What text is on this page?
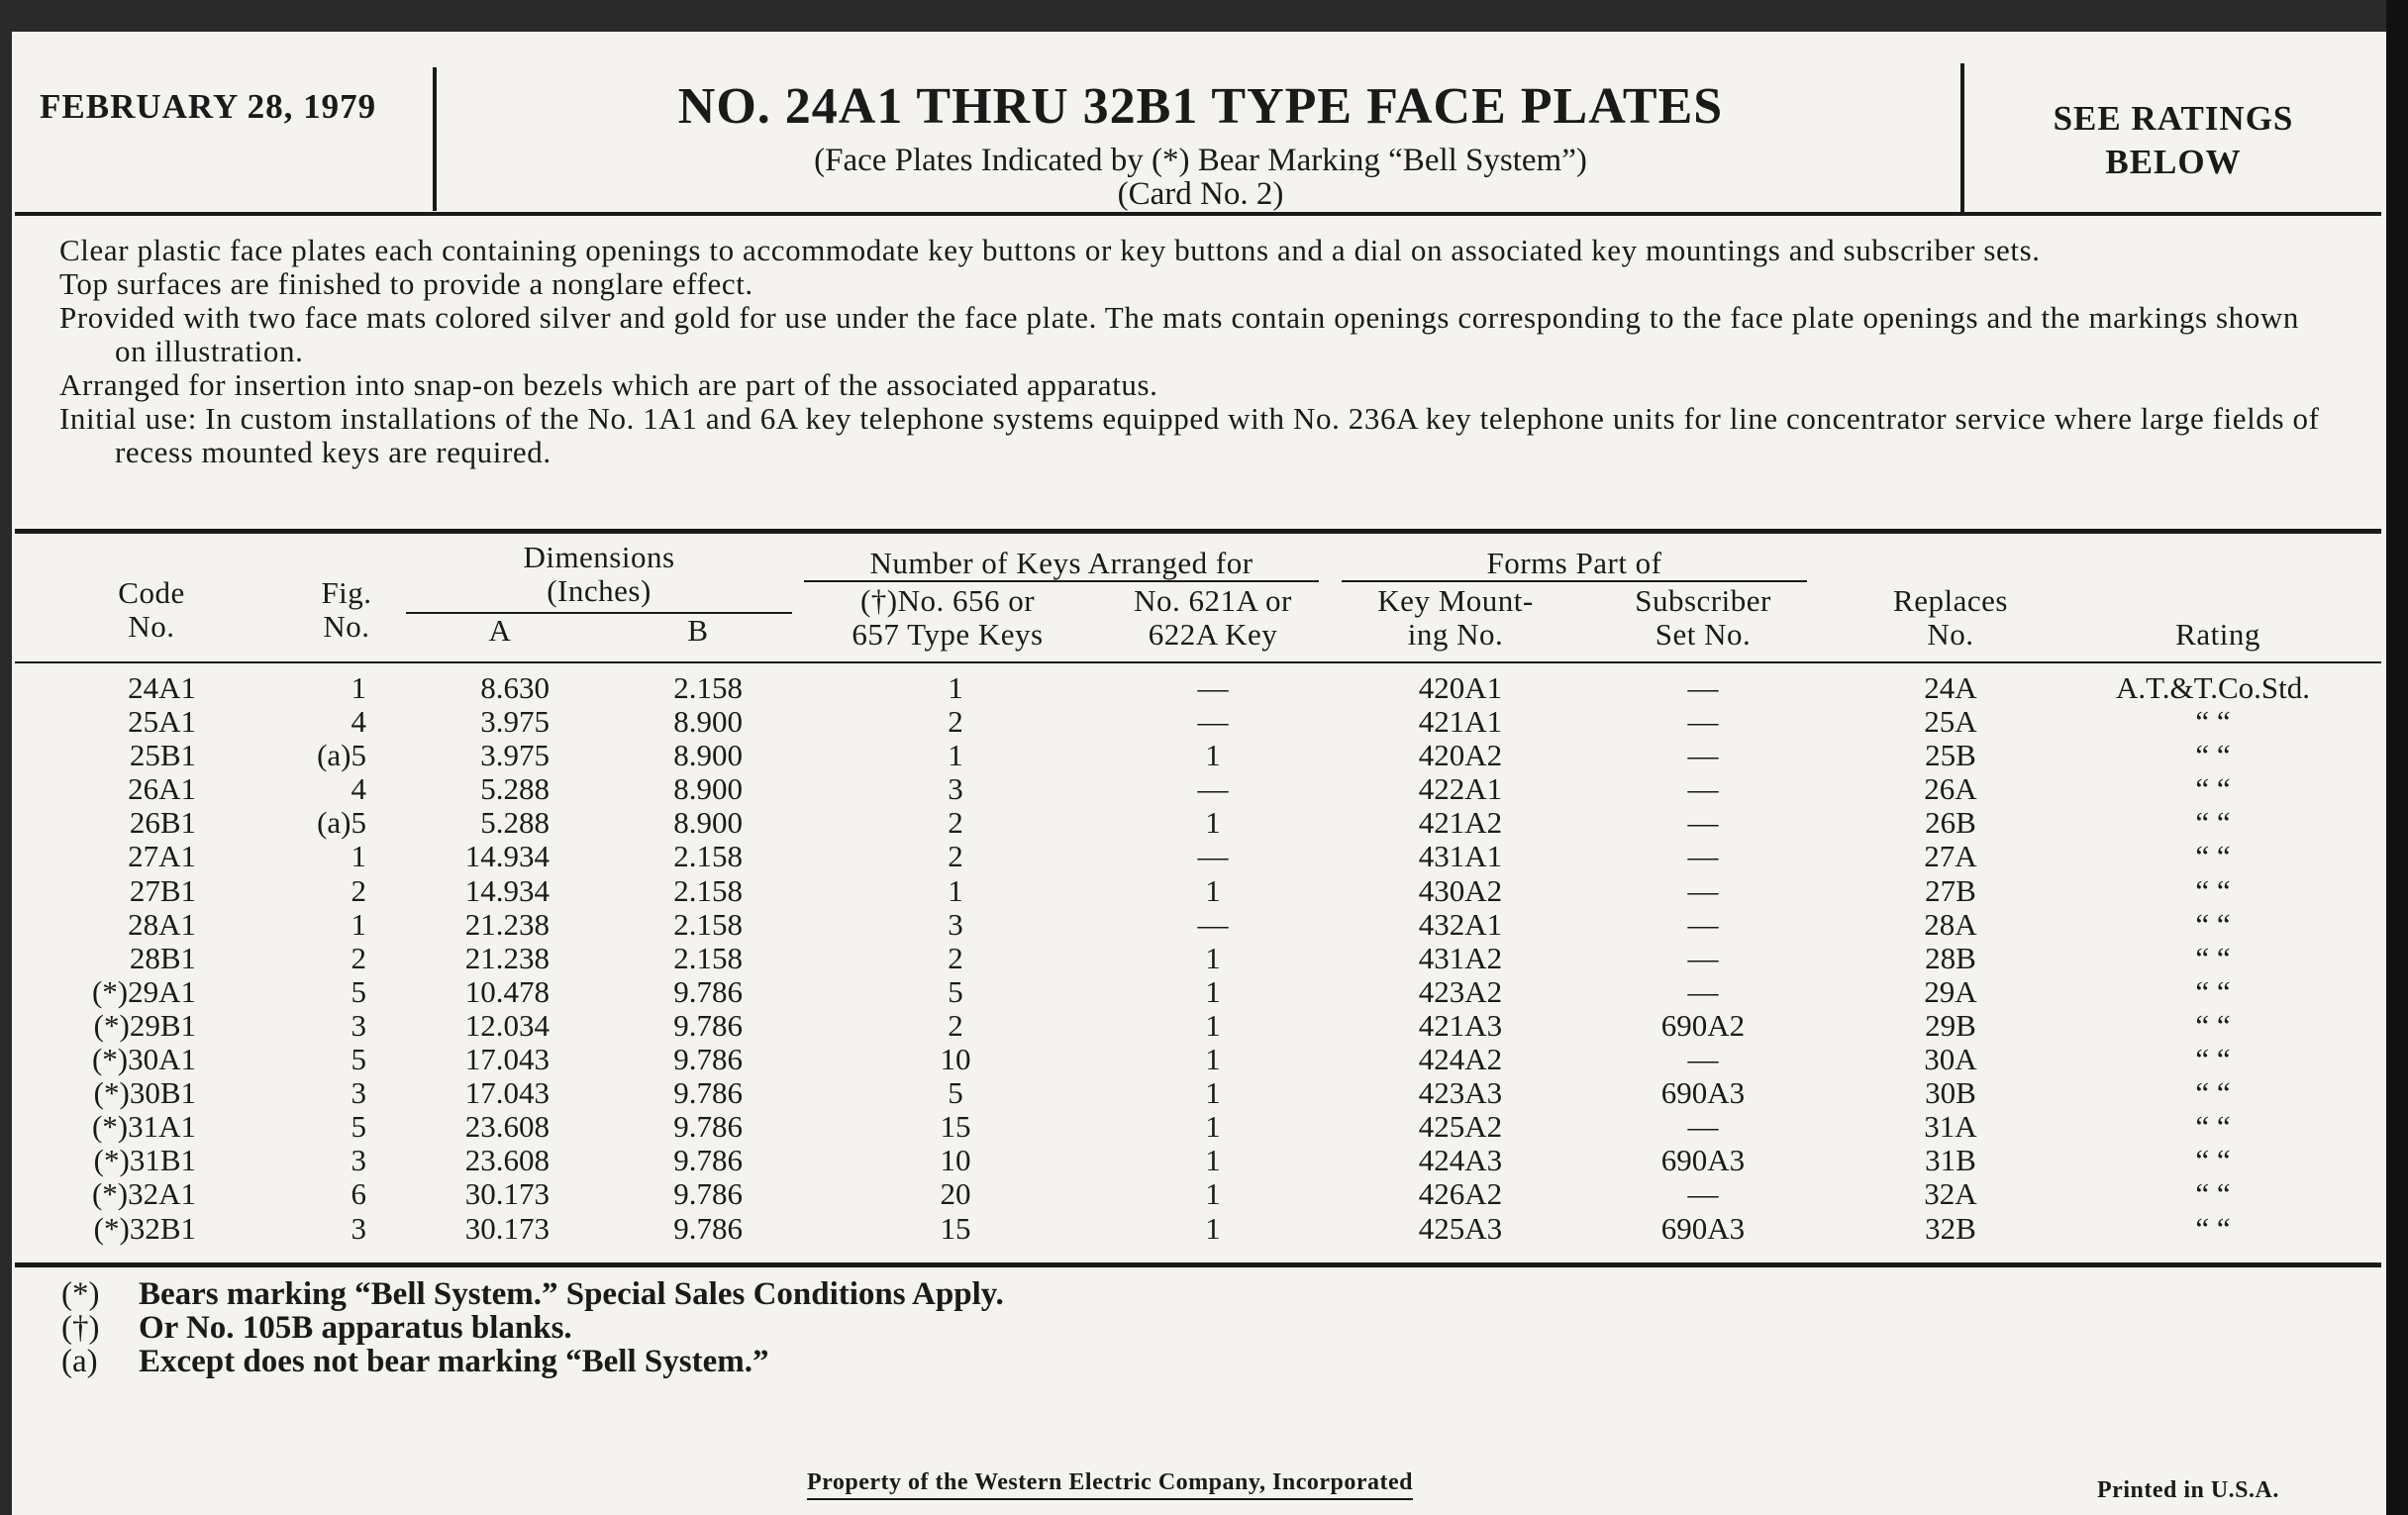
FEBRUARY 28, 1979	NO. 24A1 THRU 32B1 TYPE FACE PLATES
(Face Plates Indicated by (*) Bear Marking “Bell System”)
(Card No. 2)
SEE RATINGS
BELOW

Clear plastic face plates each containing openings to accommodate key buttons or key buttons and a dial on associated key mountings and subscriber sets.

Top surfaces are finished to provide a nonglare effect.

Provided with two face mats colored silver and gold for use under the face plate. The mats contain openings corresponding to the face plate openings and the markings shown on illustration.

Arranged for insertion into snap-on bezels which are part of the associated apparatus.

Initial use: In custom installations of the No. 1A1 and 6A key telephone systems equipped with No. 236A key telephone units for line concentrator service where large fields of recess mounted keys are required.

Code
No.
Fig.
No.
Dimensions
(Inches)
A	B
Number of Keys Arranged for
(†)No. 656 or
657 Type Keys
No. 621A or
622A Key
Forms Part of
Key Mount-
ing No.
Subscriber
Set No.
Replaces
No.	Rating
24A1	1	8.630	2.158	1	—	420A1	—	24A	A.T.&T.Co.Std.
25A1	4	3.975	8.900	2	—	421A1	—	25A	“ “
25B1	(a)5	3.975	8.900	1	1	420A2	—	25B	“ “
26A1	4	5.288	8.900	3	—	422A1	—	26A	“ “
26B1	(a)5	5.288	8.900	2	1	421A2	—	26B	“ “
27A1	1	14.934	2.158	2	—	431A1	—	27A	“ “
27B1	2	14.934	2.158	1	1	430A2	—	27B	“ “
28A1	1	21.238	2.158	3	—	432A1	—	28A	“ “
28B1	2	21.238	2.158	2	1	431A2	—	28B	“ “
(*)29A1	5	10.478	9.786	5	1	423A2	—	29A	“ “
(*)29B1	3	12.034	9.786	2	1	421A3	690A2	29B	“ “
(*)30A1	5	17.043	9.786	10	1	424A2	—	30A	“ “
(*)30B1	3	17.043	9.786	5	1	423A3	690A3	30B	“ “
(*)31A1	5	23.608	9.786	15	1	425A2	—	31A	“ “
(*)31B1	3	23.608	9.786	10	1	424A3	690A3	31B	“ “
(*)32A1	6	30.173	9.786	20	1	426A2	—	32A	“ “
(*)32B1	3	30.173	9.786	15	1	425A3	690A3	32B	“ “
(*)	Bears marking “Bell System.” Special Sales Conditions Apply.
(†)	Or No. 105B apparatus blanks.
(a)	Except does not bear marking “Bell System.”
Property of the Western Electric Company, Incorporated	Printed in U.S.A.
